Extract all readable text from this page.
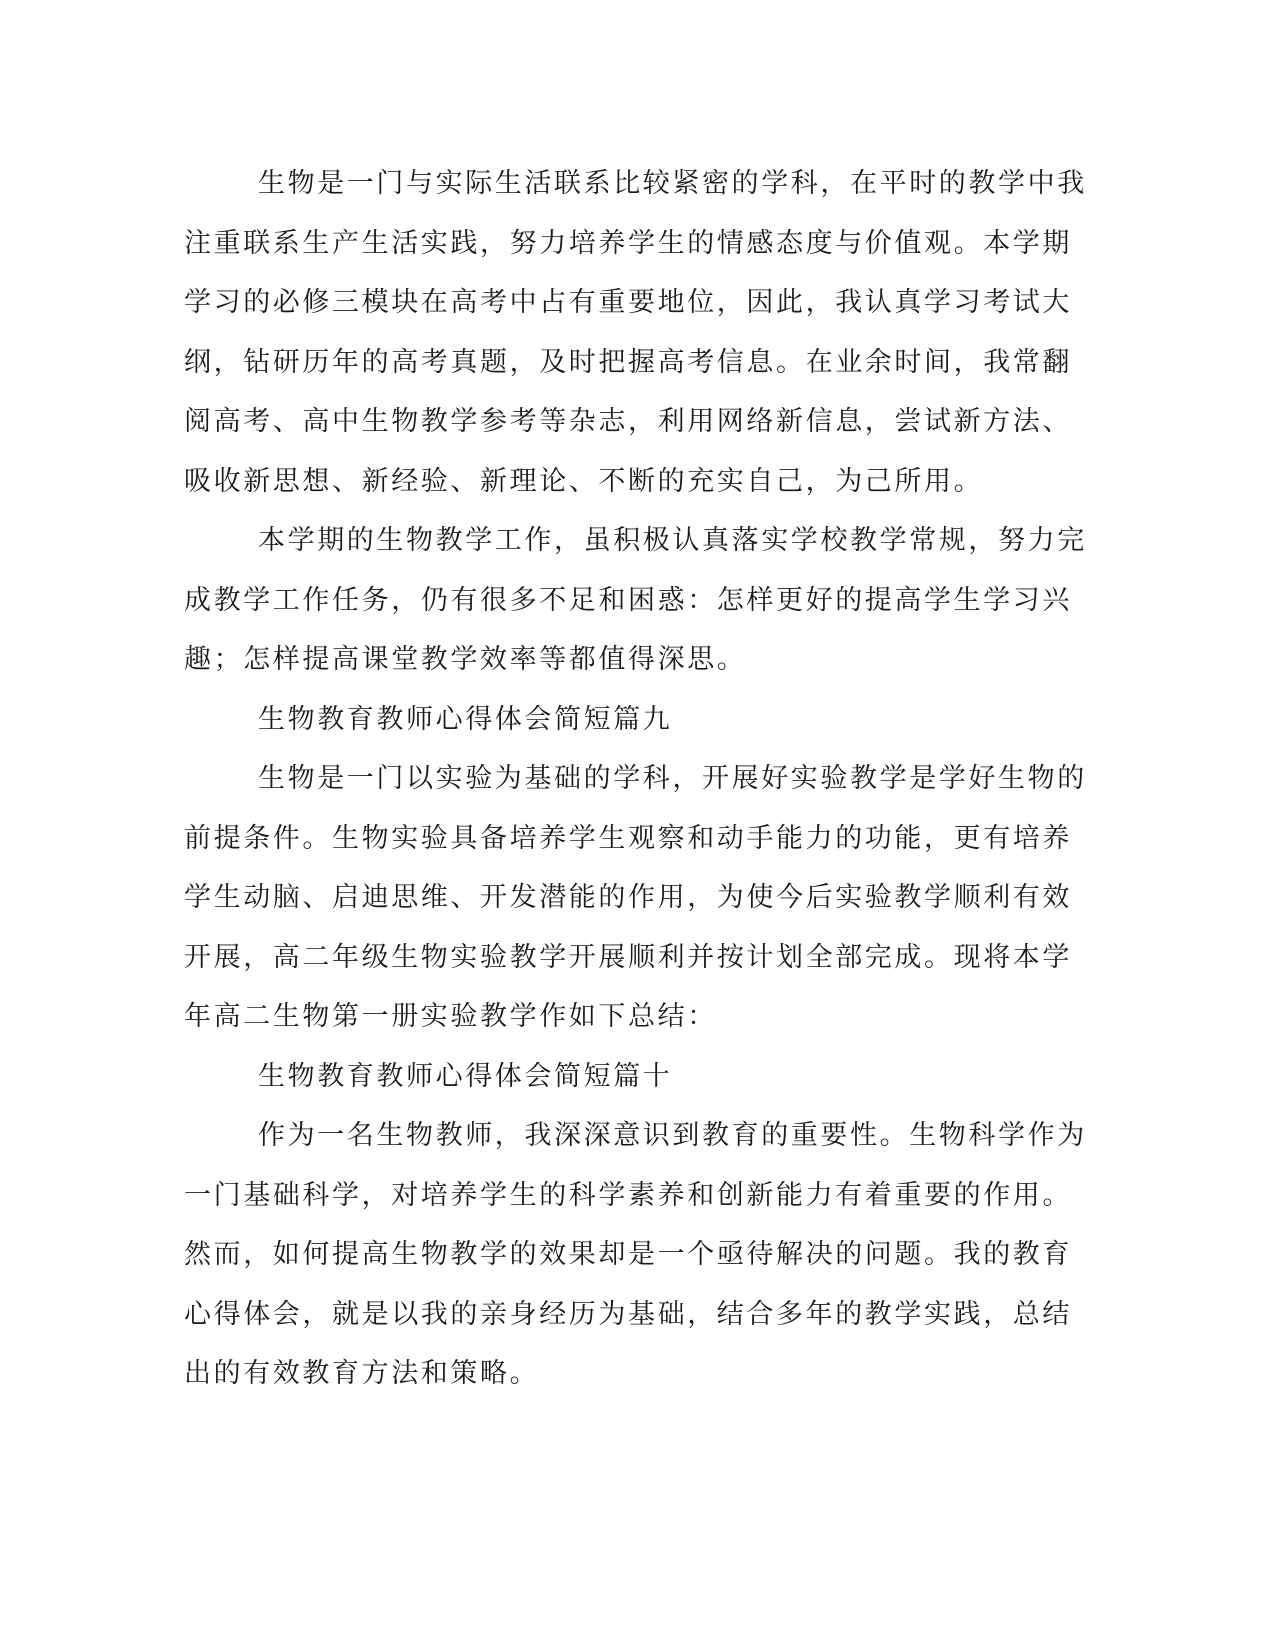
生物是一门与实际生活联系比较紧密的学科，在平时的教学中我
注重联系生产生活实践，努力培养学生的情感态度与价值观。本学期
学习的必修三模块在高考中占有重要地位，因此，我认真学习考试大
纲，钻研历年的高考真题，及时把握高考信息。在业余时间，我常翻
阅高考、高中生物教学参考等杂志，利用网络新信息，尝试新方法、
吸收新思想、新经验、新理论、不断的充实自己，为己所用。
本学期的生物教学工作，虽积极认真落实学校教学常规，努力完
成教学工作任务，仍有很多不足和困惑：怎样更好的提高学生学习兴
趣；怎样提高课堂教学效率等都值得深思。
生物教育教师心得体会简短篇九
生物是一门以实验为基础的学科，开展好实验教学是学好生物的
前提条件。生物实验具备培养学生观察和动手能力的功能，更有培养
学生动脑、启迪思维、开发潜能的作用，为使今后实验教学顺利有效
开展，高二年级生物实验教学开展顺利并按计划全部完成。现将本学
年高二生物第一册实验教学作如下总结：
生物教育教师心得体会简短篇十
作为一名生物教师，我深深意识到教育的重要性。生物科学作为
一门基础科学，对培养学生的科学素养和创新能力有着重要的作用。
然而，如何提高生物教学的效果却是一个亟待解决的问题。我的教育
心得体会，就是以我的亲身经历为基础，结合多年的教学实践，总结
出的有效教育方法和策略。
